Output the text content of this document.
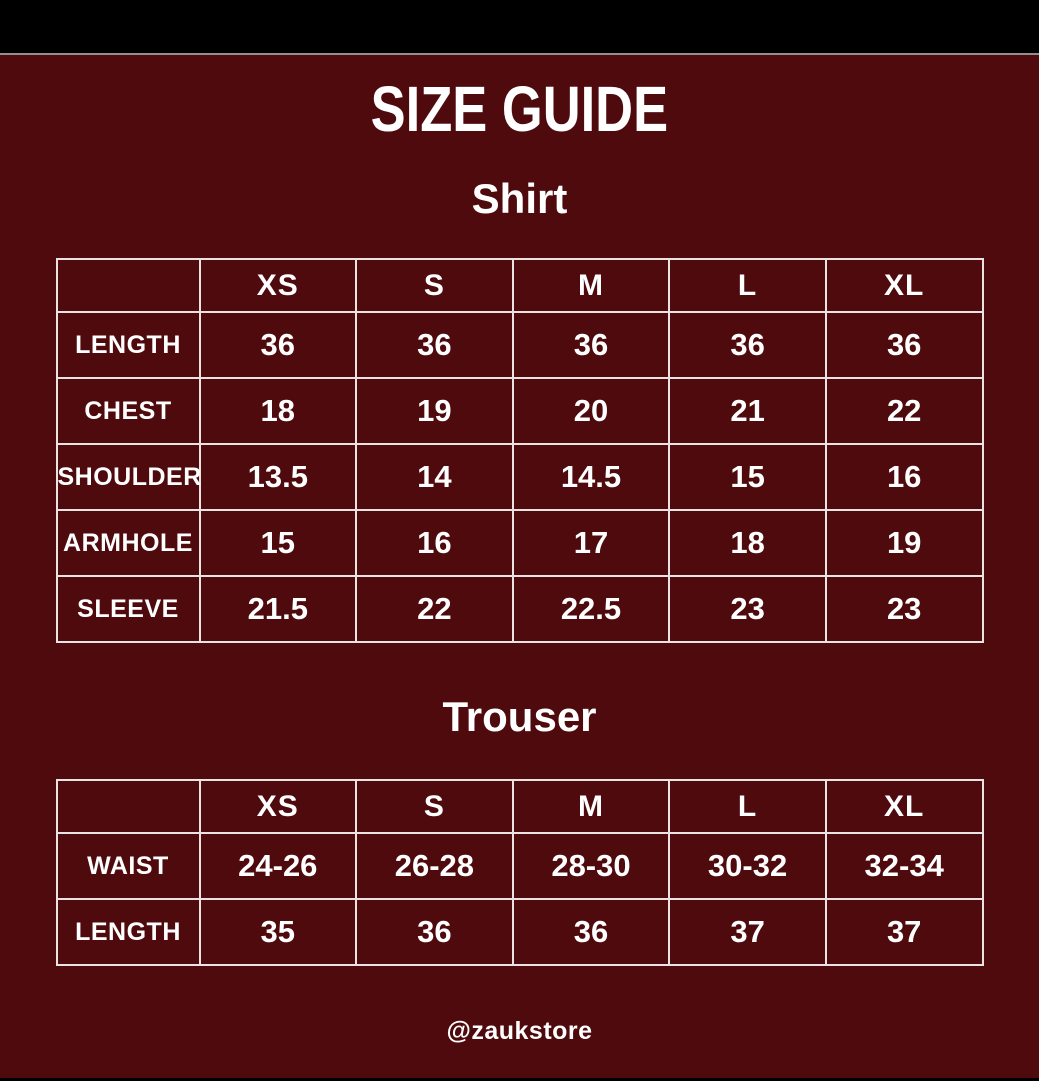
SIZE GUIDE
Shirt
	XS	S	M	L	XL
LENGTH	36	36	36	36	36
CHEST	18	19	20	21	22
SHOULDER	13.5	14	14.5	15	16
ARMHOLE	15	16	17	18	19
SLEEVE	21.5	22	22.5	23	23
Trouser
	XS	S	M	L	XL
WAIST	24-26	26-28	28-30	30-32	32-34
LENGTH	35	36	36	37	37
@zaukstore
